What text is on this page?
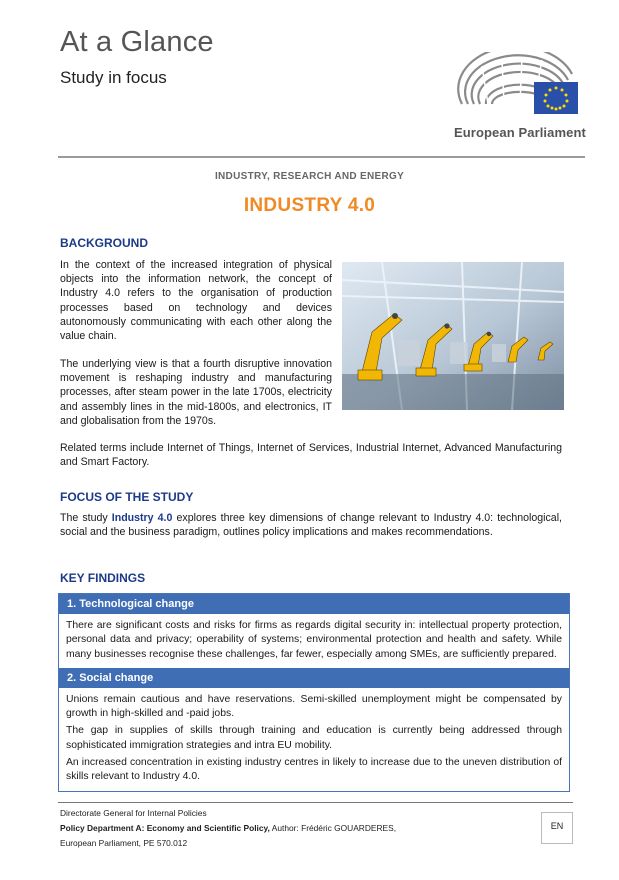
At a Glance
Study in focus
European Parliament
INDUSTRY, RESEARCH AND ENERGY
INDUSTRY 4.0
BACKGROUND
In the context of the increased integration of physical objects into the information network, the concept of Industry 4.0 refers to the organisation of production processes based on technology and devices autonomously communicating with each other along the value chain.
The underlying view is that a fourth disruptive innovation movement is reshaping industry and manufacturing processes, after steam power in the late 1700s, electricity and assembly lines in the mid-1800s, and electronics, IT and globalisation from the 1970s.
Related terms include Internet of Things, Internet of Services, Industrial Internet, Advanced Manufacturing and Smart Factory.
FOCUS OF THE STUDY
The study Industry 4.0 explores three key dimensions of change relevant to Industry 4.0: technological, social and the business paradigm, outlines policy implications and makes recommendations.
KEY FINDINGS
1. Technological change

There are significant costs and risks for firms as regards digital security in: intellectual property protection, personal data and privacy; operability of systems; environmental protection and health and safety. While many businesses recognise these challenges, far fewer, especially among SMEs, are sufficiently prepared.

2. Social change

Unions remain cautious and have reservations. Semi-skilled unemployment might be compensated by growth in high-skilled and -paid jobs.

The gap in supplies of skills through training and education is currently being addressed through sophisticated immigration strategies and intra EU mobility.

An increased concentration in existing industry centres in likely to increase due to the uneven distribution of skills relevant to Industry 4.0.

Directorate General for Internal Policies
Policy Department A: Economy and Scientific Policy, Author: Frédéric GOUARDERES,
European Parliament, PE 570.012
EN
